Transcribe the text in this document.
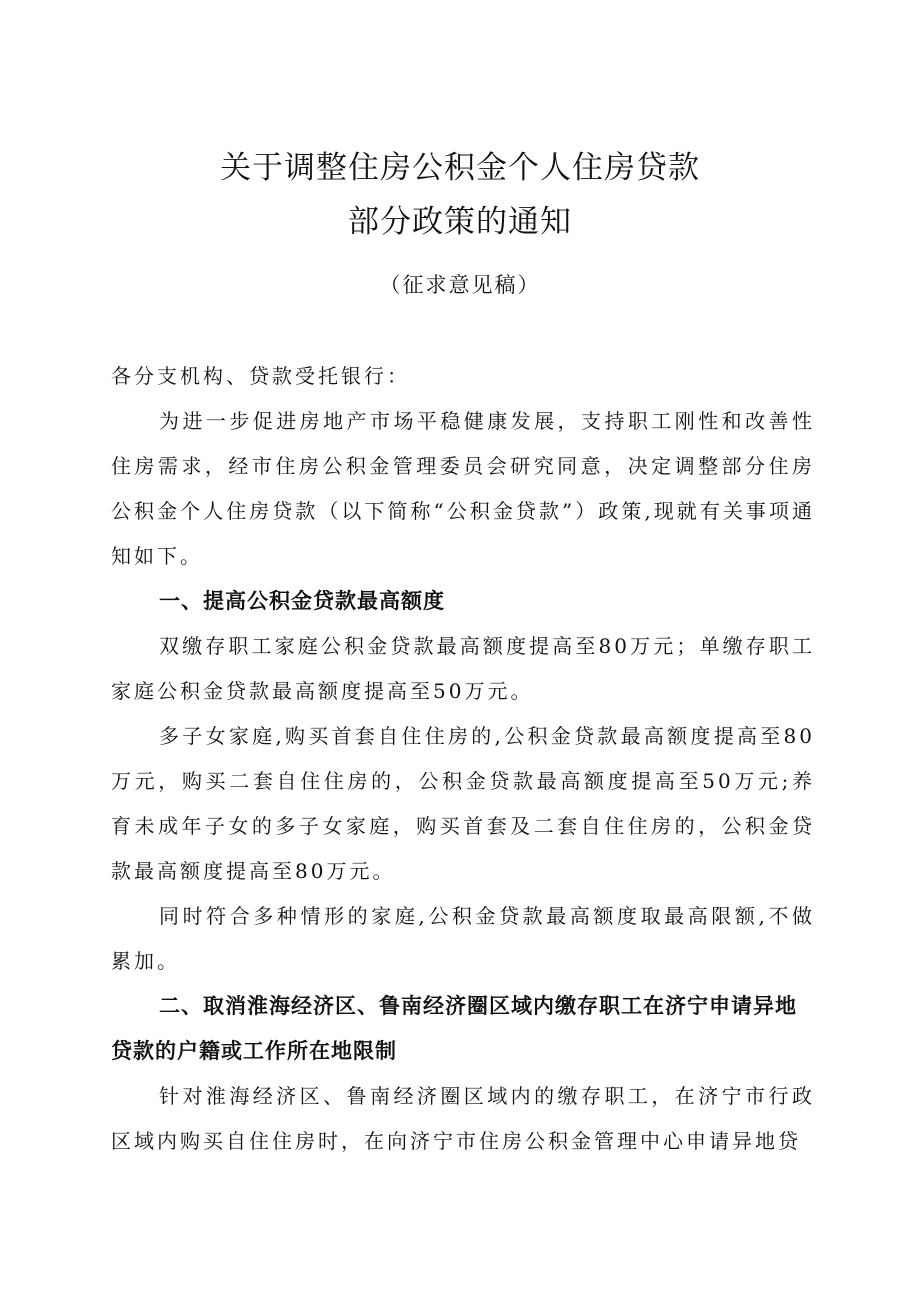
关于调整住房公积金个人住房贷款
部分政策的通知
（征求意见稿）

各分支机构、贷款受托银行：

为进一步促进房地产市场平稳健康发展，支持职工刚性和改善性住房需求，经市住房公积金管理委员会研究同意，决定调整部分住房公积金个人住房贷款（以下简称“公积金贷款”）政策,现就有关事项通知如下。

一、提高公积金贷款最高额度

双缴存职工家庭公积金贷款最高额度提高至80万元；单缴存职工家庭公积金贷款最高额度提高至50万元。

多子女家庭,购买首套自住住房的,公积金贷款最高额度提高至80万元，购买二套自住住房的，公积金贷款最高额度提高至50万元;养育未成年子女的多子女家庭，购买首套及二套自住住房的，公积金贷款最高额度提高至80万元。

同时符合多种情形的家庭,公积金贷款最高额度取最高限额,不做累加。

二、取消淮海经济区、鲁南经济圈区域内缴存职工在济宁申请异地贷款的户籍或工作所在地限制

针对淮海经济区、鲁南经济圈区域内的缴存职工，在济宁市行政区域内购买自住住房时，在向济宁市住房公积金管理中心申请异地贷
